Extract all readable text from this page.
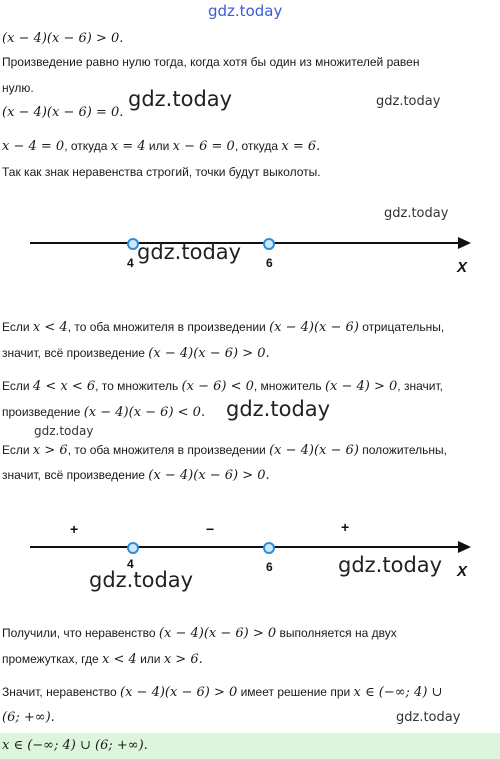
gdz.today
(x − 4)(x − 6) > 0.
Произведение равно нулю тогда, когда хотя бы один из множителей равен
нулю.
(x − 4)(x − 6) = 0.
gdz.today	gdz.today
x − 4 = 0, откуда x = 4 или x − 6 = 0, откуда x = 6.
Так как знак неравенства строгий, точки будут выколоты.
gdz.today
4	6	X
gdz.today
Если x < 4, то оба множителя в произведении (x − 4)(x − 6) отрицательны,
значит, всё произведение (x − 4)(x − 6) > 0.
Если 4 < x < 6, то множитель (x − 6) < 0, множитель (x − 4) > 0, значит,
произведение (x − 4)(x − 6) < 0. gdz.today
gdz.today
Если x > 6, то оба множителя в произведении (x − 4)(x − 6) положительны,
значит, всё произведение (x − 4)(x − 6) > 0.
+	−	+
4	6	X
gdz.today
gdz.today
Получили, что неравенство (x − 4)(x − 6) > 0 выполняется на двух
промежутках, где x < 4 или x > 6.
Значит, неравенство (x − 4)(x − 6) > 0 имеет решение при x ∈ (−∞; 4) ∪
(6; +∞).	gdz.today
x ∈ (−∞; 4) ∪ (6; +∞).
